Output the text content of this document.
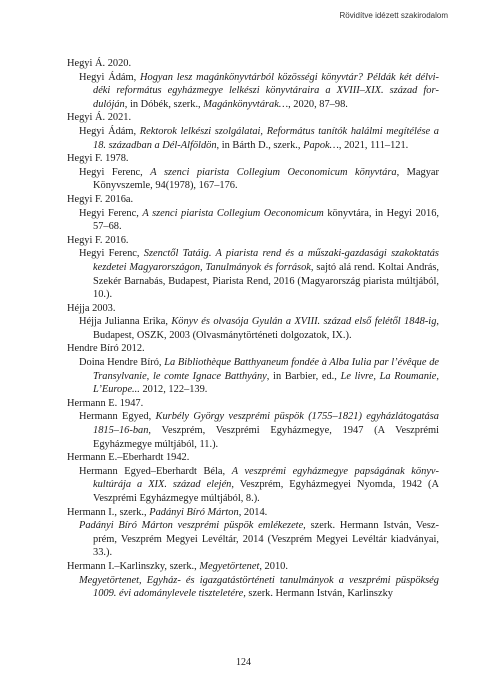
Rövidítve idézett szakirodalom
Hegyi Á. 2020.
Hegyi Ádám, Hogyan lesz magánkönyvtárból közösségi könyvtár? Példák két délvidéki református egyházmegye lelkészi könyvtáraira a XVIII–XIX. század fordulóján, in Dóbék, szerk., Magánkönyvtárak…, 2020, 87–98.
Hegyi Á. 2021.
Hegyi Ádám, Rektorok lelkészi szolgálatai, Református tanítók halálmi megítélése a 18. században a Dél-Alföldön, in Bárth D., szerk., Papok…, 2021, 111–121.
Hegyi F. 1978.
Hegyi Ferenc, A szenci piarista Collegium Oeconomicum könyvtára, Magyar Könyvszemle, 94(1978), 167–176.
Hegyi F. 2016a.
Hegyi Ferenc, A szenci piarista Collegium Oeconomicum könyvtára, in Hegyi 2016, 57–68.
Hegyi F. 2016.
Hegyi Ferenc, Szenctől Tatáig. A piarista rend és a műszaki-gazdasági szakoktatás kezdetei Magyarországon, Tanulmányok és források, sajtó alá rend. Koltai András, Szekér Barnabás, Budapest, Piarista Rend, 2016 (Magyarország piarista múltjából, 10.).
Héjja 2003.
Héjja Julianna Erika, Könyv és olvasója Gyulán a XVIII. század első felétől 1848-ig, Budapest, OSZK, 2003 (Olvasmánytörténeti dolgozatok, IX.).
Hendre Bíró 2012.
Doina Hendre Bíró, La Bibliothèque Batthyaneum fondée à Alba Iulia par l’évêque de Transylvanie, le comte Ignace Batthyány, in Barbier, ed., Le livre, La Roumanie, L’Europe... 2012, 122–139.
Hermann E. 1947.
Hermann Egyed, Kurbély György veszprémi püspök (1755–1821) egyházlátogatása 1815–16-ban, Veszprém, Veszprémi Egyházmegye, 1947 (A Veszprémi Egyházmegye múltjából, 11.).
Hermann E.–Eberhardt 1942.
Hermann Egyed–Eberhardt Béla, A veszprémi egyházmegye papságának könyvkultúrája a XIX. század elején, Veszprém, Egyházmegyei Nyomda, 1942 (A Veszprémi Egyházmegye múltjából, 8.).
Hermann I., szerk., Padányi Bíró Márton, 2014.
Padányi Bíró Márton veszprémi püspök emlékezete, szerk. Hermann István, Veszprém, Veszprém Megyei Levéltár, 2014 (Veszprém Megyei Levéltár kiadványai, 33.).
Hermann I.–Karlinszky, szerk., Megyetörtenet, 2010.
Megyetörtenet, Egyház- és igazgatástörténeti tanulmányok a veszprémi püspökség 1009. évi adománylevele tiszteletére, szerk. Hermann István, Karlinszky
124
